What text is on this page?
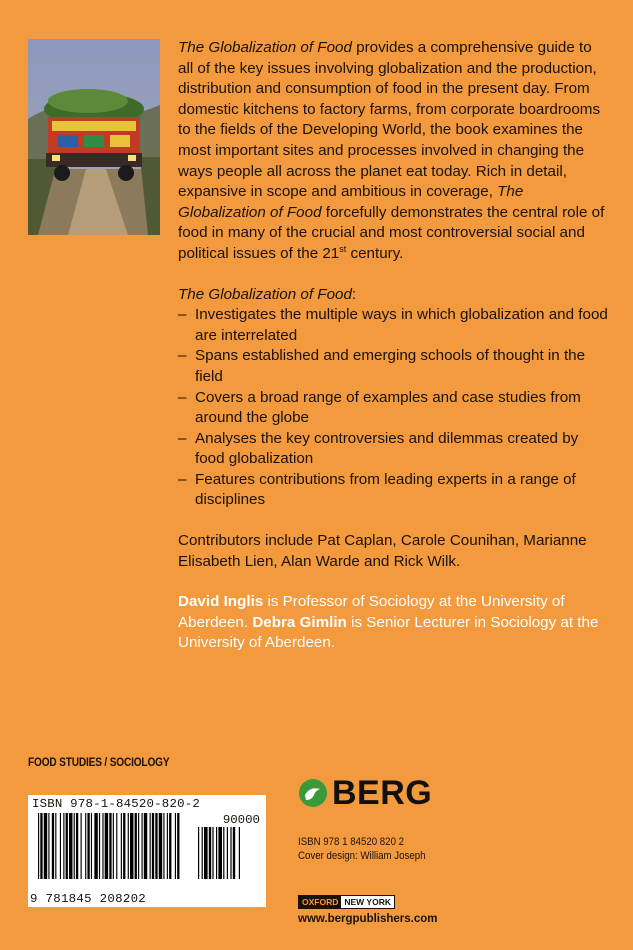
The Globalization of Food provides a comprehensive guide to all of the key issues involving globalization and the production, distribution and consumption of food in the present day. From domestic kitchens to factory farms, from corporate boardrooms to the fields of the Developing World, the book examines the most important sites and processes involved in changing the ways people all across the planet eat today. Rich in detail, expansive in scope and ambitious in coverage, The Globalization of Food forcefully demonstrates the central role of food in many of the crucial and most controversial social and political issues of the 21st century.

The Globalization of Food:

– Investigates the multiple ways in which globalization and food are interrelated
– Spans established and emerging schools of thought in the field
– Covers a broad range of examples and case studies from around the globe
– Analyses the key controversies and dilemmas created by food globalization
– Features contributions from leading experts in a range of disciplines

Contributors include Pat Caplan, Carole Counihan, Marianne Elisabeth Lien, Alan Warde and Rick Wilk.

David Inglis is Professor of Sociology at the University of Aberdeen. Debra Gimlin is Senior Lecturer in Sociology at the University of Aberdeen.

FOOD STUDIES / SOCIOLOGY
ISBN 978-1-84520-820-2
90000
9 781845 208202
BERG
ISBN 978 1 84520 820 2
Cover design: William Joseph
OXFORD NEW YORK
www.bergpublishers.com
